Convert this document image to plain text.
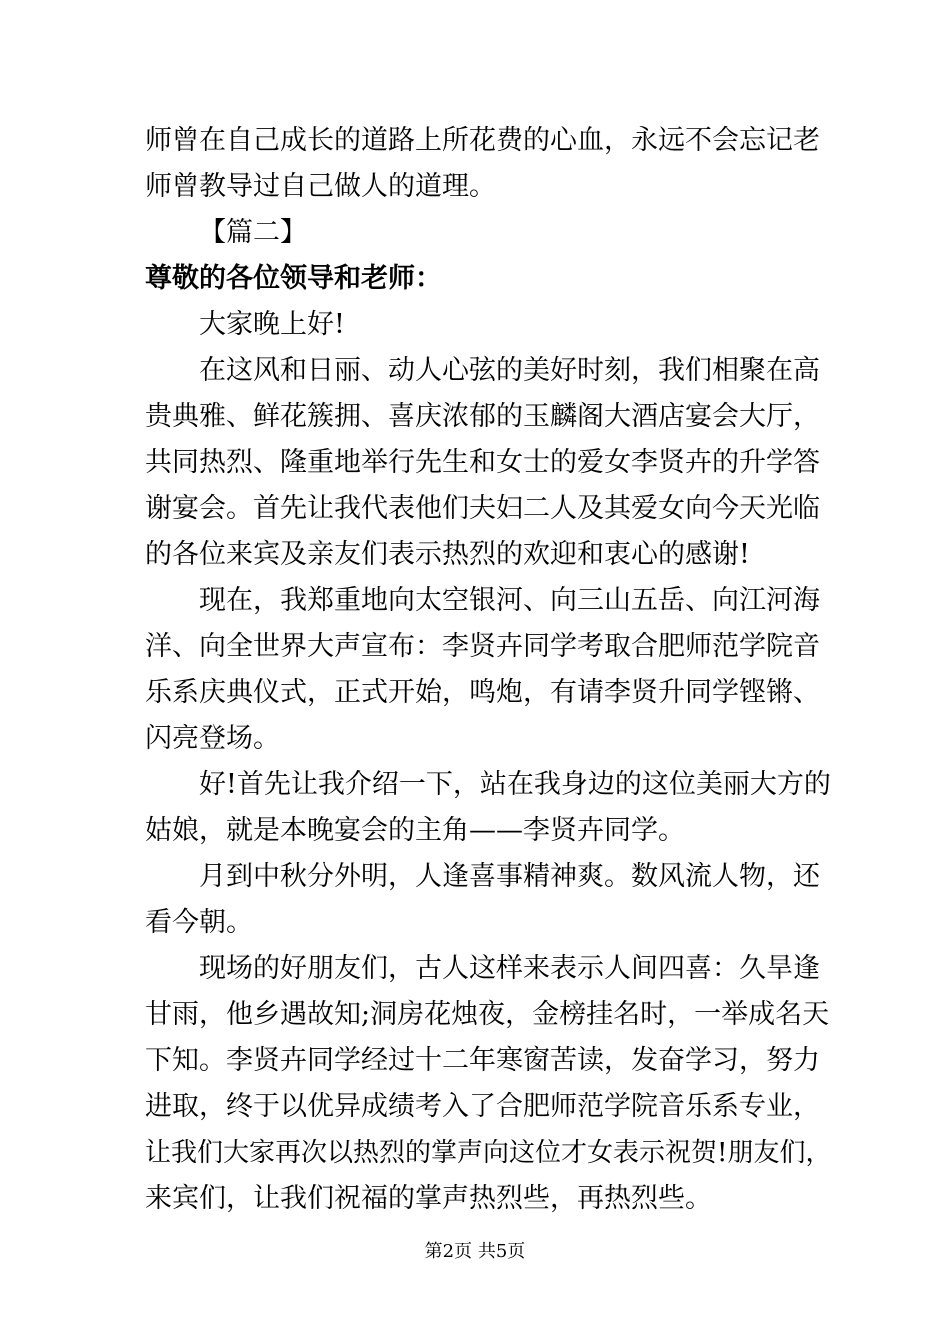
师曾在自己成长的道路上所花费的心血，永远不会忘记老
师曾教导过自己做人的道理。
【篇二】
尊敬的各位领导和老师：
大家晚上好!
在这风和日丽、动人心弦的美好时刻，我们相聚在高
贵典雅、鲜花簇拥、喜庆浓郁的玉麟阁大酒店宴会大厅，
共同热烈、隆重地举行先生和女士的爱女李贤卉的升学答
谢宴会。首先让我代表他们夫妇二人及其爱女向今天光临
的各位来宾及亲友们表示热烈的欢迎和衷心的感谢!
现在，我郑重地向太空银河、向三山五岳、向江河海
洋、向全世界大声宣布：李贤卉同学考取合肥师范学院音
乐系庆典仪式，正式开始，鸣炮，有请李贤升同学铿锵、
闪亮登场。
好!首先让我介绍一下，站在我身边的这位美丽大方的
姑娘，就是本晚宴会的主角——李贤卉同学。
月到中秋分外明，人逢喜事精神爽。数风流人物，还
看今朝。
现场的好朋友们，古人这样来表示人间四喜：久旱逢
甘雨，他乡遇故知;洞房花烛夜，金榜挂名时，一举成名天
下知。李贤卉同学经过十二年寒窗苦读，发奋学习，努力
进取，终于以优异成绩考入了合肥师范学院音乐系专业，
让我们大家再次以热烈的掌声向这位才女表示祝贺!朋友们，
来宾们，让我们祝福的掌声热烈些，再热烈些。
第2页 共5页
